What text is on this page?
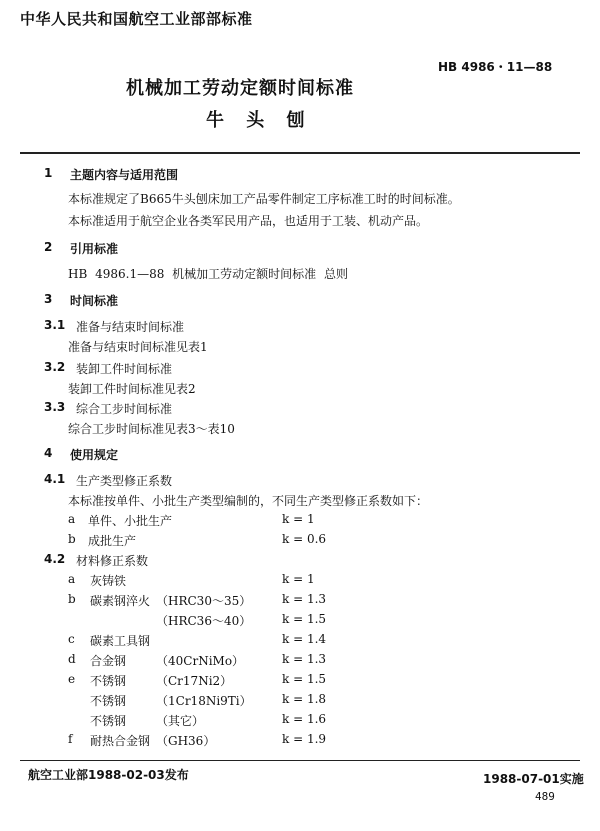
中华人民共和国航空工业部部标准
HB 4986・11—88
机械加工劳动定额时间标准
牛 头 刨
1 主题内容与适用范围
本标准规定了B665牛头刨床加工产品零件制定工序标准工时的时间标准。
本标准适用于航空企业各类军民用产品，也适用于工装、机动产品。
2 引用标准
HB 4986.1—88 机械加工劳动定额时间标准 总则
3 时间标准
3.1 准备与结束时间标准
准备与结束时间标准见表1
3.2 装卸工件时间标准
装卸工件时间标准见表2
3.3 综合工步时间标准
综合工步时间标准见表3～表10
4 使用规定
4.1 生产类型修正系数
本标准按单件、小批生产类型编制的，不同生产类型修正系数如下：
a 单件、小批生产	k = 1
b 成批生产	k = 0.6
4.2 材料修正系数
a 灰铸铁	k = 1
b 碳素钢淬火 （HRC30～35）	k = 1.3
（HRC36～40）	k = 1.5
c 碳素工具钢	k = 1.4
d 合金钢 （40CrNiMo）	k = 1.3
e 不锈钢 （Cr17Ni2）	k = 1.5
不锈钢 （1Cr18Ni9Ti）	k = 1.8
不锈钢 （其它）	k = 1.6
f 耐热合金钢 （GH36）	k = 1.9
航空工业部1988-02-03发布	1988-07-01实施
489
